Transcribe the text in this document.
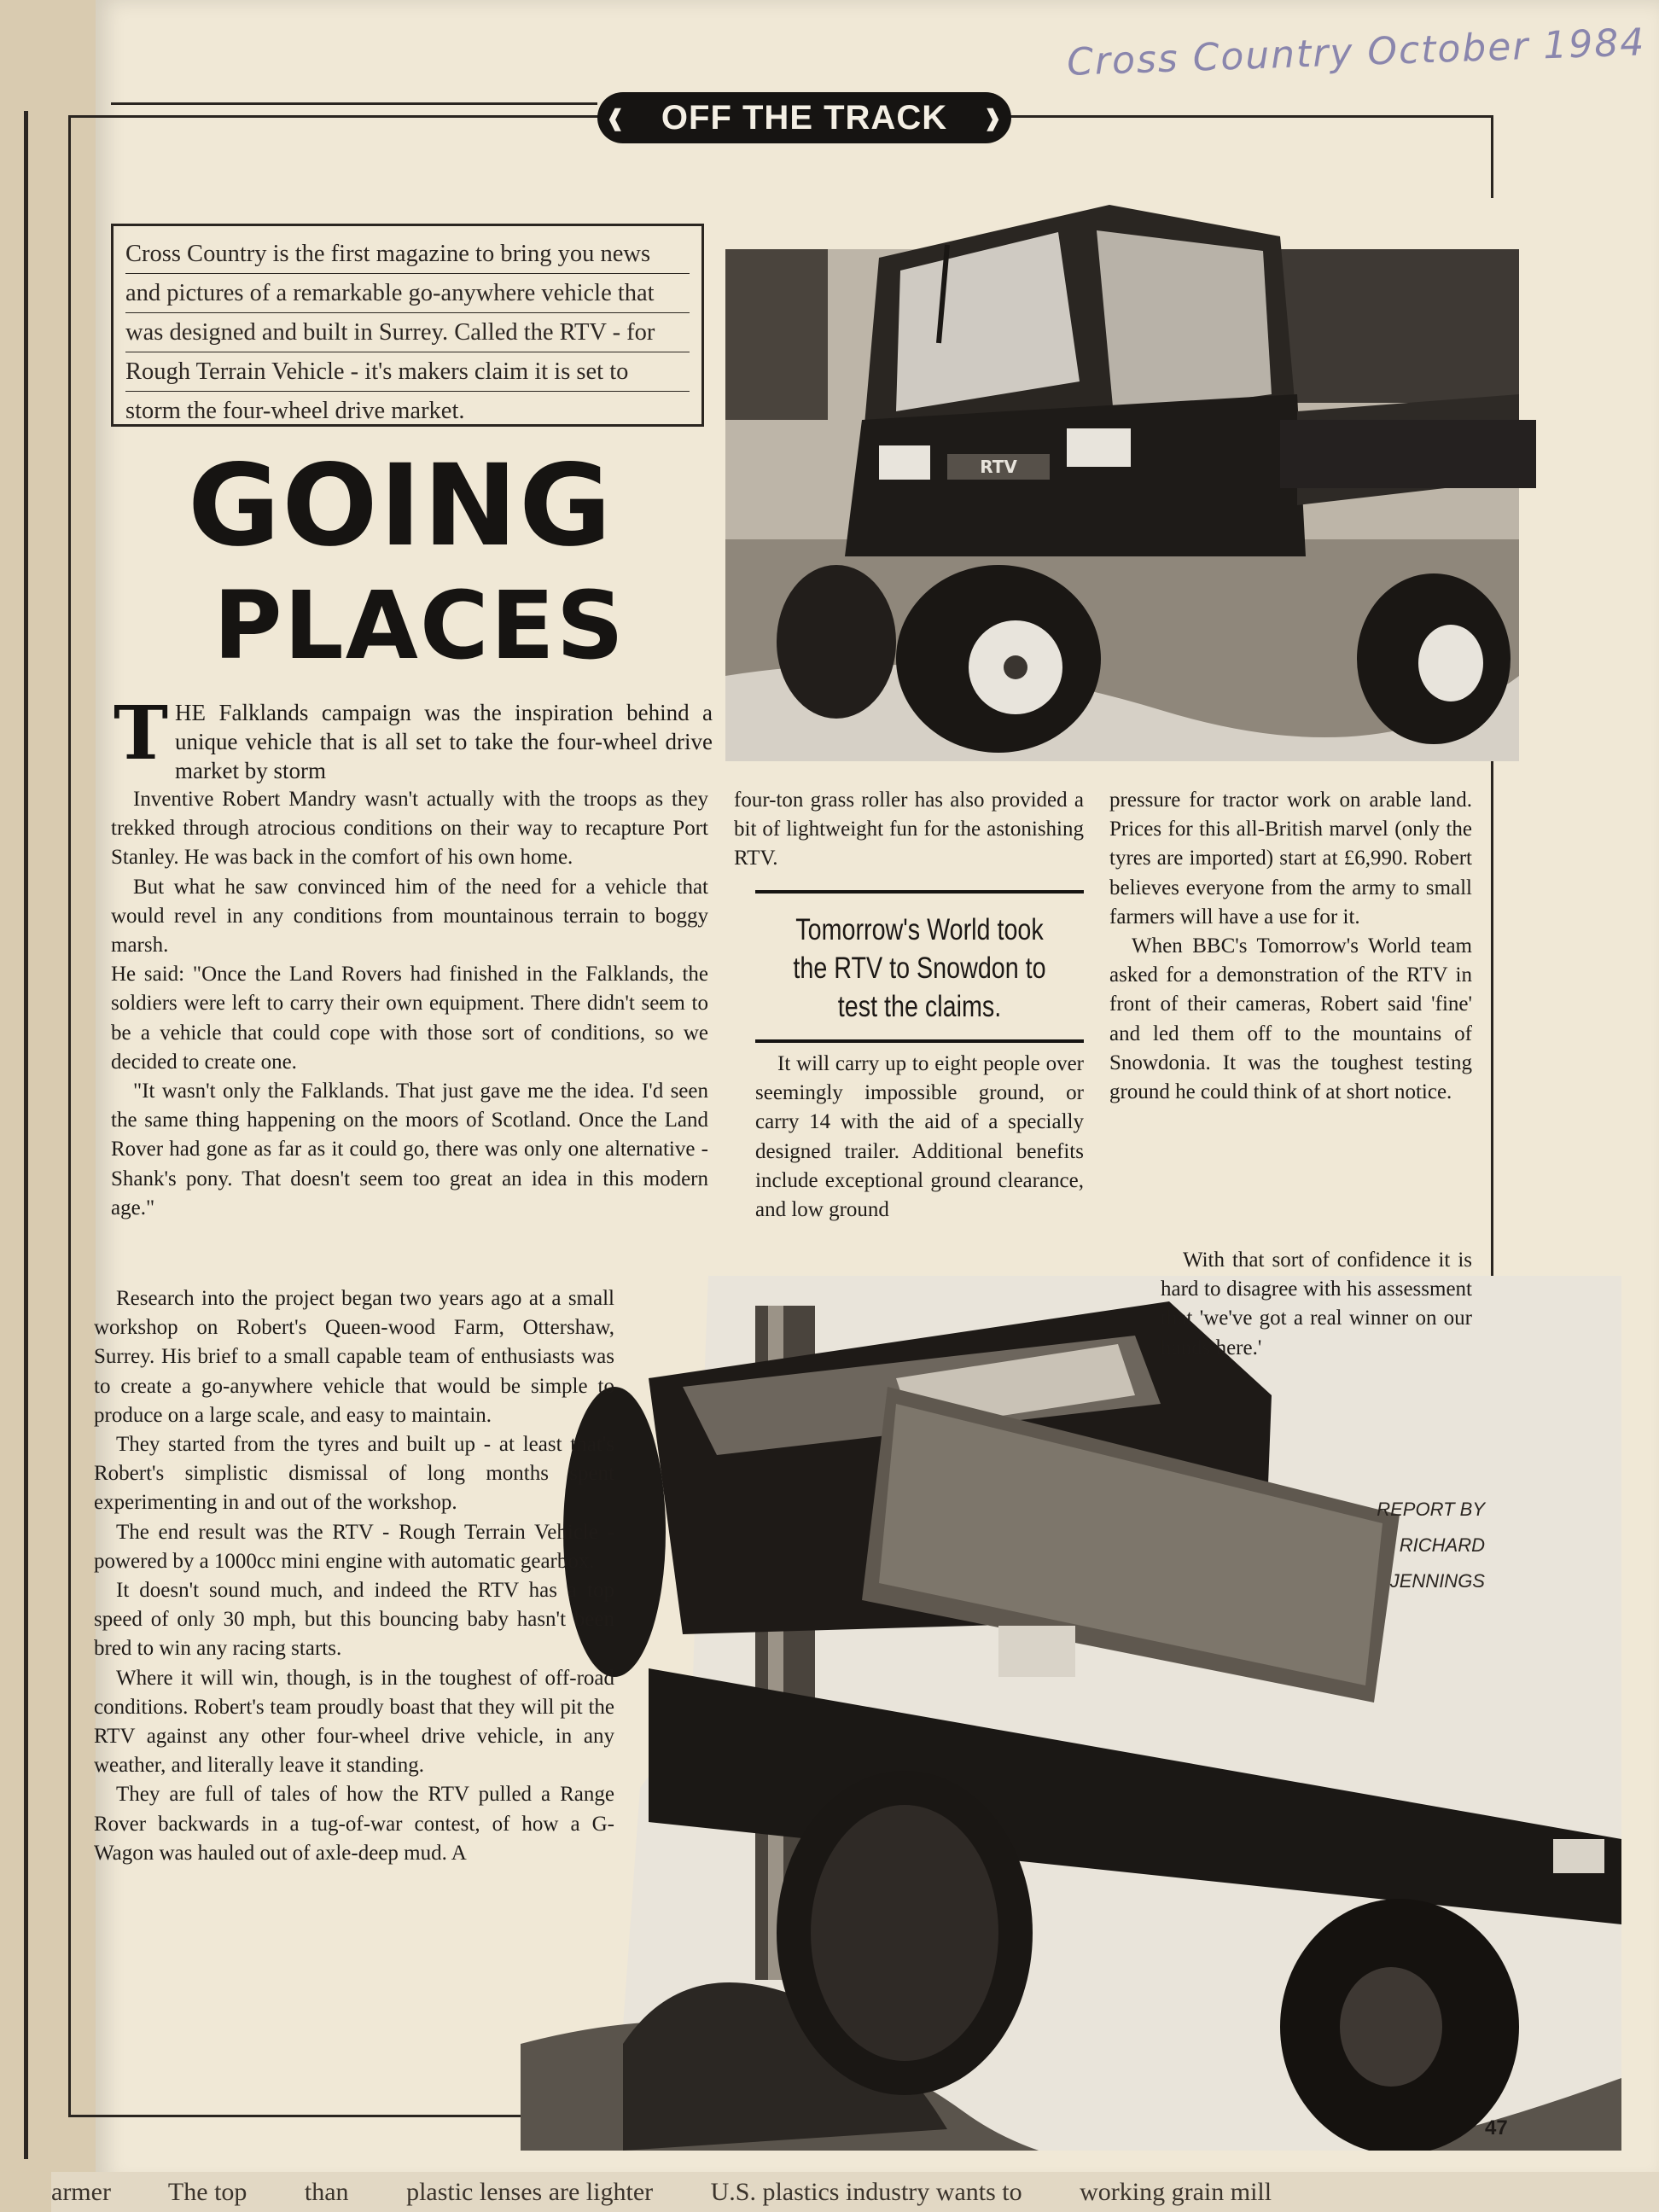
armer The top than plastic lenses are lighter U.S. plastics industry wants to working grain mill
Cross Country October 1984
❰ OFF THE TRACK ❱
RTV
Cross Country is the first magazine to bring you news
and pictures of a remarkable go-anywhere vehicle that
was designed and built in Surrey. Called the RTV - for
Rough Terrain Vehicle - it's makers claim it is set to
storm the four-wheel drive market.
GOING
PLACES
T HE Falklands campaign was the inspiration behind a unique vehicle that is all set to take the four-wheel drive market by storm

Inventive Robert Mandry wasn't actually with the troops as they trekked through atrocious conditions on their way to recapture Port Stanley. He was back in the comfort of his own home.

But what he saw convinced him of the need for a vehicle that would revel in any conditions from mountainous terrain to boggy marsh.

He said: "Once the Land Rovers had finished in the Falklands, the soldiers were left to carry their own equipment. There didn't seem to be a vehicle that could cope with those sort of conditions, so we decided to create one.

"It wasn't only the Falklands. That just gave me the idea. I'd seen the same thing happening on the moors of Scotland. Once the Land Rover had gone as far as it could go, there was only one alternative -Shank's pony. That doesn't seem too great an idea in this modern age."

Research into the project began two years ago at a small workshop on Robert's Queen-wood Farm, Ottershaw, Surrey. His brief to a small capable team of enthusiasts was to create a go-anywhere vehicle that would be simple to produce on a large scale, and easy to maintain.

They started from the tyres and built up - at least that's Robert's simplistic dismissal of long months spent experimenting in and out of the workshop.

The end result was the RTV - Rough Terrain Vehicle - powered by a 1000cc mini engine with automatic gearbox.

It doesn't sound much, and indeed the RTV has a top speed of only 30 mph, but this bouncing baby hasn't been bred to win any racing starts.

Where it will win, though, is in the toughest of off-road conditions. Robert's team proudly boast that they will pit the RTV against any other four-wheel drive vehicle, in any weather, and literally leave it standing.

They are full of tales of how the RTV pulled a Range Rover backwards in a tug-of-war contest, of how a G-Wagon was hauled out of axle-deep mud. A

four-ton grass roller has also provided a bit of lightweight fun for the astonishing RTV.

Tomorrow's World took the RTV to Snowdon to test the claims.

It will carry up to eight people over seemingly impossible ground, or carry 14 with the aid of a specially designed trailer. Additional benefits include exceptional ground clearance, and low ground

pressure for tractor work on arable land. Prices for this all-British marvel (only the tyres are imported) start at £6,990. Robert believes everyone from the army to small farmers will have a use for it.

When BBC's Tomorrow's World team asked for a demonstration of the RTV in front of their cameras, Robert said 'fine' and led them off to the mountains of Snowdonia. It was the toughest testing ground he could think of at short notice.

With that sort of confidence it is hard to disagree with his assessment that 'we've got a real winner on our hands here.'

REPORT BY
RICHARD
JENNINGS
47
